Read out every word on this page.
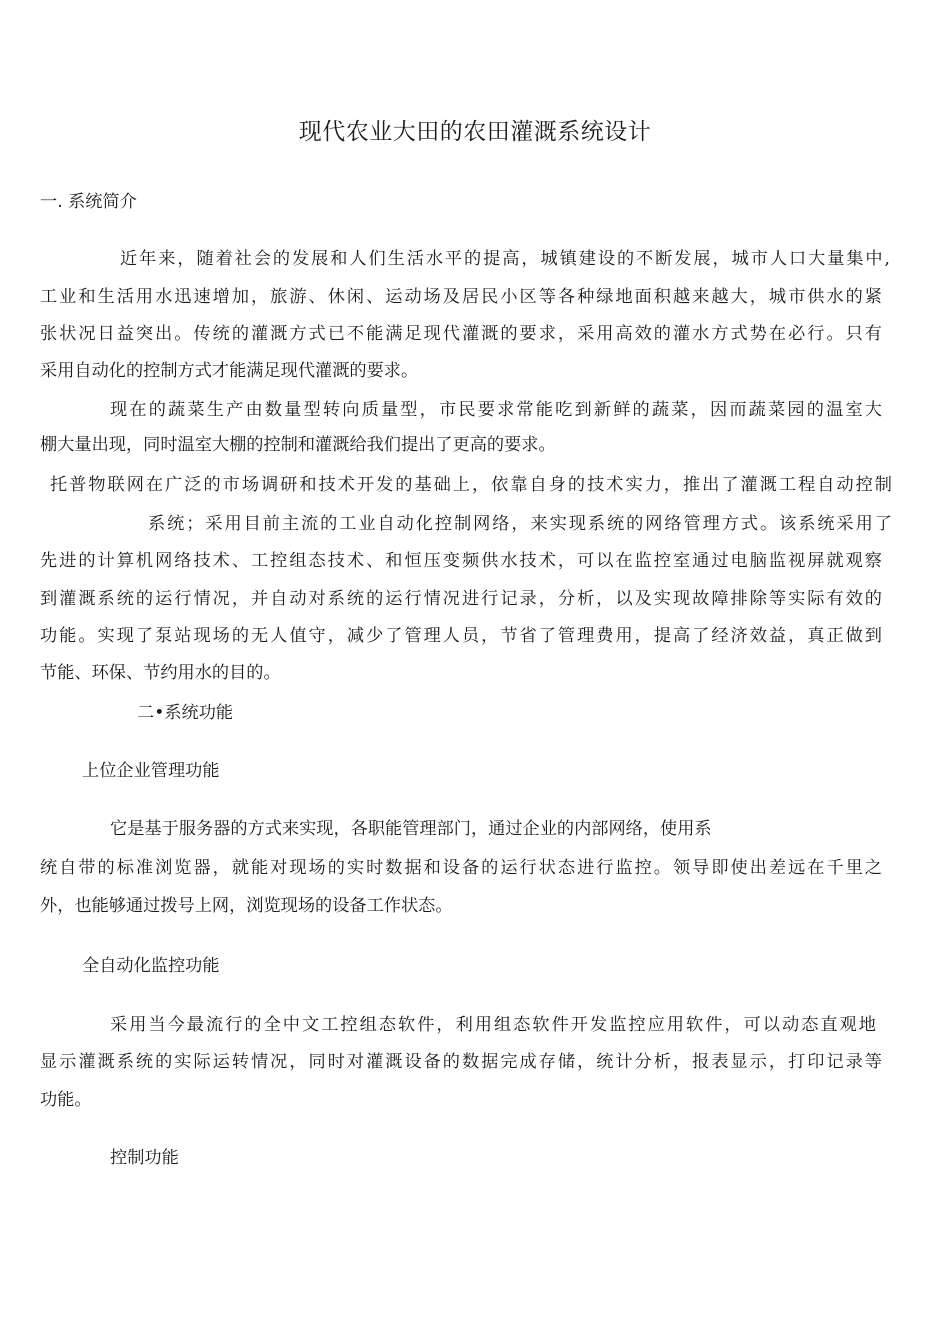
现代农业大田的农田灌溉系统设计
一. 系统简介
近年来，随着社会的发展和人们生活水平的提高，城镇建设的不断发展，城市人口大量集中,
工业和生活用水迅速增加，旅游、休闲、运动场及居民小区等各种绿地面积越来越大，城市供水的紧
张状况日益突出。传统的灌溉方式已不能满足现代灌溉的要求，采用高效的灌水方式势在必行。只有
采用自动化的控制方式才能满足现代灌溉的要求。
现在的蔬菜生产由数量型转向质量型，市民要求常能吃到新鲜的蔬菜，因而蔬菜园的温室大
棚大量出现，同时温室大棚的控制和灌溉给我们提出了更高的要求。
托普物联网在广泛的市场调研和技术开发的基础上，依靠自身的技术实力，推出了灌溉工程自动控制
系统；采用目前主流的工业自动化控制网络，来实现系统的网络管理方式。该系统采用了
先进的计算机网络技术、工控组态技术、和恒压变频供水技术，可以在监控室通过电脑监视屏就观察
到灌溉系统的运行情况，并自动对系统的运行情况进行记录，分析，以及实现故障排除等实际有效的
功能。实现了泵站现场的无人值守，减少了管理人员，节省了管理费用，提高了经济效益，真正做到
节能、环保、节约用水的目的。
二•系统功能
上位企业管理功能
它是基于服务器的方式来实现，各职能管理部门，通过企业的内部网络，使用系
统自带的标准浏览器，就能对现场的实时数据和设备的运行状态进行监控。领导即使出差远在千里之
外，也能够通过拨号上网，浏览现场的设备工作状态。
全自动化监控功能
采用当今最流行的全中文工控组态软件，利用组态软件开发监控应用软件，可以动态直观地
显示灌溉系统的实际运转情况，同时对灌溉设备的数据完成存储，统计分析，报表显示，打印记录等
功能。
控制功能
